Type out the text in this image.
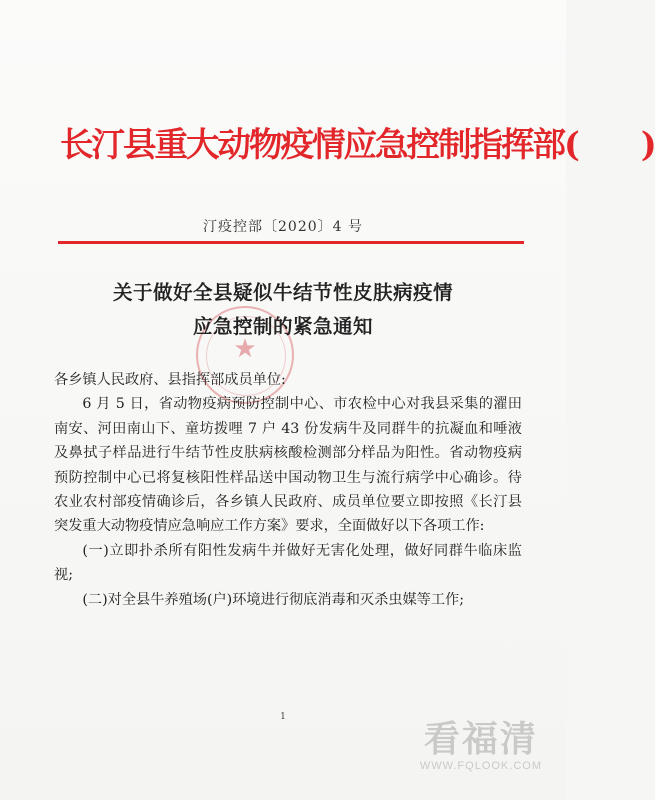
长汀县重大动物疫情应急控制指挥部(　　)
汀疫控部〔2020〕4 号
★
关于做好全县疑似牛结节性皮肤病疫情
应急控制的紧急通知

各乡镇人民政府、县指挥部成员单位:

6 月 5 日，省动物疫病预防控制中心、市农检中心对我县采集的濯田南安、河田南山下、童坊拨哩 7 户 43 份发病牛及同群牛的抗凝血和唾液及鼻拭子样品进行牛结节性皮肤病核酸检测部分样品为阳性。省动物疫病预防控制中心已将复核阳性样品送中国动物卫生与流行病学中心确诊。待农业农村部疫情确诊后，各乡镇人民政府、成员单位要立即按照《长汀县突发重大动物疫情应急响应工作方案》要求，全面做好以下各项工作:

(一)立即扑杀所有阳性发病牛并做好无害化处理，做好同群牛临床监视;

(二)对全县牛养殖场(户)环境进行彻底消毒和灭杀虫媒等工作;

1
看福清
WWW.FQLOOK.COM
